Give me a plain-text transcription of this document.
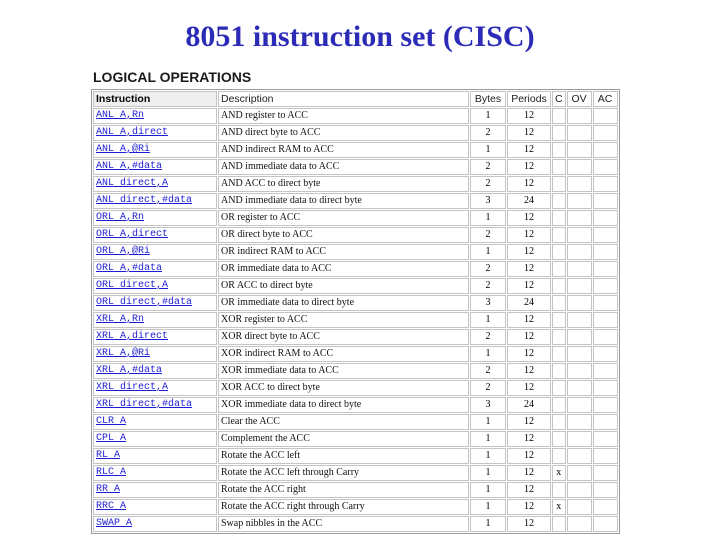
8051 instruction set (CISC)
LOGICAL OPERATIONS
Instruction	Description	Bytes	Periods	C	OV	AC
ANL A,Rn	AND register to ACC	1	12			
ANL A,direct	AND direct byte to ACC	2	12			
ANL A,@Ri	AND indirect RAM to ACC	1	12			
ANL A,#data	AND immediate data to ACC	2	12			
ANL direct,A	AND ACC to direct byte	2	12			
ANL direct,#data	AND immediate data to direct byte	3	24			
ORL A,Rn	OR register to ACC	1	12			
ORL A,direct	OR direct byte to ACC	2	12			
ORL A,@Ri	OR indirect RAM to ACC	1	12			
ORL A,#data	OR immediate data to ACC	2	12			
ORL direct,A	OR ACC to direct byte	2	12			
ORL direct,#data	OR immediate data to direct byte	3	24			
XRL A,Rn	XOR register to ACC	1	12			
XRL A,direct	XOR direct byte to ACC	2	12			
XRL A,@Ri	XOR indirect RAM to ACC	1	12			
XRL A,#data	XOR immediate data to ACC	2	12			
XRL direct,A	XOR ACC to direct byte	2	12			
XRL direct,#data	XOR immediate data to direct byte	3	24			
CLR A	Clear the ACC	1	12			
CPL A	Complement the ACC	1	12			
RL A	Rotate the ACC left	1	12			
RLC A	Rotate the ACC left through Carry	1	12	x		
RR A	Rotate the ACC right	1	12			
RRC A	Rotate the ACC right through Carry	1	12	x		
SWAP A	Swap nibbles in the ACC	1	12			
